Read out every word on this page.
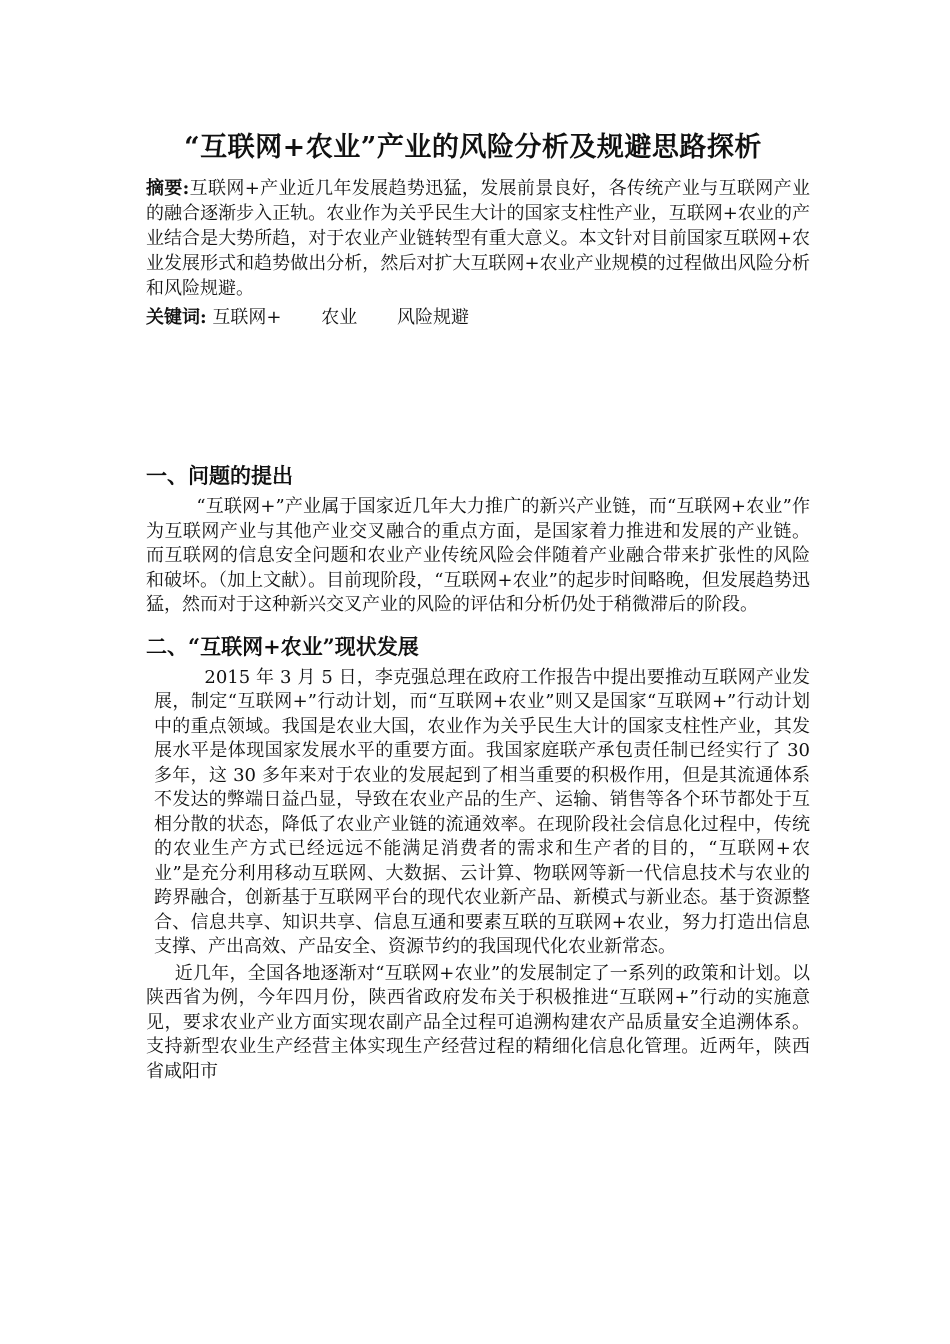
“互联网+农业”产业的风险分析及规避思路探析

摘要:互联网+产业近几年发展趋势迅猛，发展前景良好，各传统产业与互联网产业的融合逐渐步入正轨。农业作为关乎民生大计的国家支柱性产业，互联网+农业的产业结合是大势所趋，对于农业产业链转型有重大意义。本文针对目前国家互联网+农业发展形式和趋势做出分析，然后对扩大互联网+农业产业规模的过程做出风险分析和风险规避。

关键词: 互联网+ 农业 风险规避

一、问题的提出

“互联网+”产业属于国家近几年大力推广的新兴产业链，而“互联网+农业”作为互联网产业与其他产业交叉融合的重点方面，是国家着力推进和发展的产业链。而互联网的信息安全问题和农业产业传统风险会伴随着产业融合带来扩张性的风险和破坏。（加上文献）。目前现阶段，“互联网+农业”的起步时间略晚，但发展趋势迅猛，然而对于这种新兴交叉产业的风险的评估和分析仍处于稍微滞后的阶段。

二、“互联网+农业”现状发展

2015 年 3 月 5 日，李克强总理在政府工作报告中提出要推动互联网产业发展，制定“互联网+”行动计划，而“互联网+农业”则又是国家“互联网+”行动计划中的重点领域。我国是农业大国，农业作为关乎民生大计的国家支柱性产业，其发展水平是体现国家发展水平的重要方面。我国家庭联产承包责任制已经实行了 30 多年，这 30 多年来对于农业的发展起到了相当重要的积极作用，但是其流通体系不发达的弊端日益凸显，导致在农业产品的生产、运输、销售等各个环节都处于互相分散的状态，降低了农业产业链的流通效率。在现阶段社会信息化过程中，传统的农业生产方式已经远远不能满足消费者的需求和生产者的目的，“互联网+农业”是充分利用移动互联网、大数据、云计算、物联网等新一代信息技术与农业的跨界融合，创新基于互联网平台的现代农业新产品、新模式与新业态。基于资源整合、信息共享、知识共享、信息互通和要素互联的互联网+农业，努力打造出信息支撑、产出高效、产品安全、资源节约的我国现代化农业新常态。

近几年，全国各地逐渐对“互联网+农业”的发展制定了一系列的政策和计划。以陕西省为例，今年四月份，陕西省政府发布关于积极推进“互联网+”行动的实施意见，要求农业产业方面实现农副产品全过程可追溯构建农产品质量安全追溯体系。支持新型农业生产经营主体实现生产经营过程的精细化信息化管理。近两年，陕西省咸阳市
